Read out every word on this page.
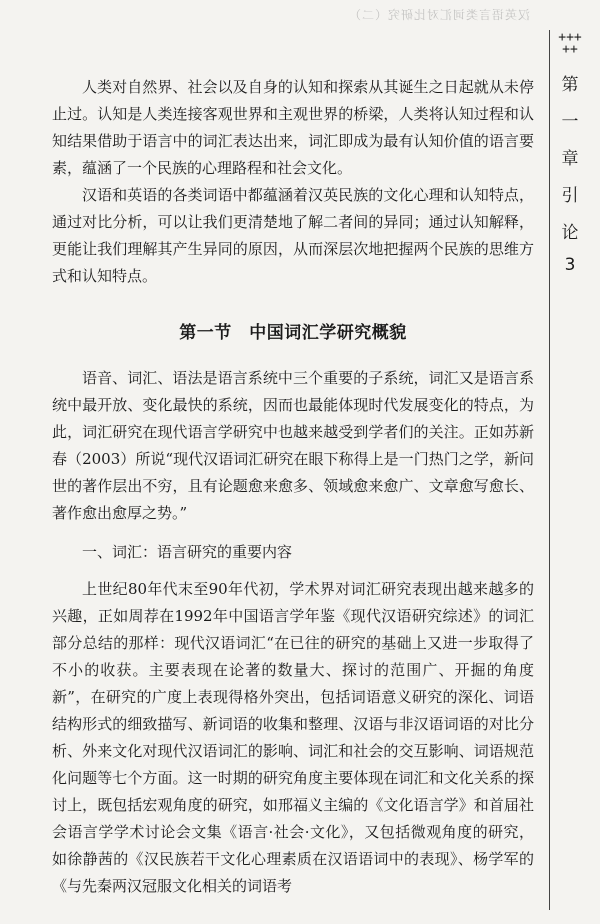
汉英语言类词汇对比研究（二）
+++
++
第
一
章
引
论
3

人类对自然界、社会以及自身的认知和探索从其诞生之日起就从未停止过。认知是人类连接客观世界和主观世界的桥梁，人类将认知过程和认知结果借助于语言中的词汇表达出来，词汇即成为最有认知价值的语言要素，蕴涵了一个民族的心理路程和社会文化。

汉语和英语的各类词语中都蕴涵着汉英民族的文化心理和认知特点，通过对比分析，可以让我们更清楚地了解二者间的异同；通过认知解释，更能让我们理解其产生异同的原因，从而深层次地把握两个民族的思维方式和认知特点。

第一节　中国词汇学研究概貌

语音、词汇、语法是语言系统中三个重要的子系统，词汇又是语言系统中最开放、变化最快的系统，因而也最能体现时代发展变化的特点，为此，词汇研究在现代语言学研究中也越来越受到学者们的关注。正如苏新春（2003）所说“现代汉语词汇研究在眼下称得上是一门热门之学，新问世的著作层出不穷，且有论题愈来愈多、领域愈来愈广、文章愈写愈长、著作愈出愈厚之势。”

一、词汇：语言研究的重要内容

上世纪80年代末至90年代初，学术界对词汇研究表现出越来越多的兴趣，正如周荐在1992年中国语言学年鉴《现代汉语研究综述》的词汇部分总结的那样：现代汉语词汇“在已往的研究的基础上又进一步取得了不小的收获。主要表现在论著的数量大、探讨的范围广、开掘的角度新”，在研究的广度上表现得格外突出，包括词语意义研究的深化、词语结构形式的细致描写、新词语的收集和整理、汉语与非汉语词语的对比分析、外来文化对现代汉语词汇的影响、词汇和社会的交互影响、词语规范化问题等七个方面。这一时期的研究角度主要体现在词汇和文化关系的探讨上，既包括宏观角度的研究，如邢福义主编的《文化语言学》和首届社会语言学学术讨论会文集《语言·社会·文化》，又包括微观角度的研究，如徐静茜的《汉民族若干文化心理素质在汉语语词中的表现》、杨学军的《与先秦两汉冠服文化相关的词语考
